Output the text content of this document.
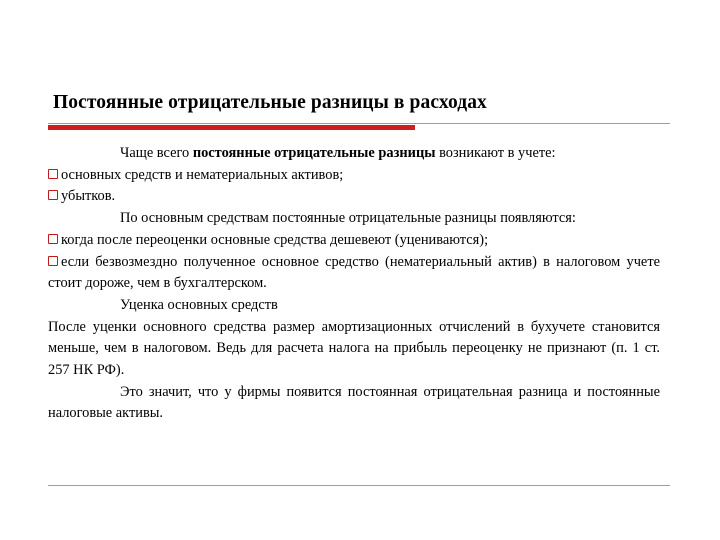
Постоянные отрицательные разницы в расходах

Чаще всего постоянные отрицательные разницы возникают в учете:

основных средств и нематериальных активов;

убытков.

По основным средствам постоянные отрицательные разницы появляются:

когда после переоценки основные средства дешевеют (уцениваются);

если безвозмездно полученное основное средство (нематериальный актив) в налоговом учете стоит дороже, чем в бухгалтерском.

Уценка основных средств

После уценки основного средства размер амортизационных отчислений в бухучете становится меньше, чем в налоговом. Ведь для расчета налога на прибыль переоценку не признают (п. 1 ст. 257 НК РФ).

Это значит, что у фирмы появится постоянная отрицательная разница и постоянные налоговые активы.
